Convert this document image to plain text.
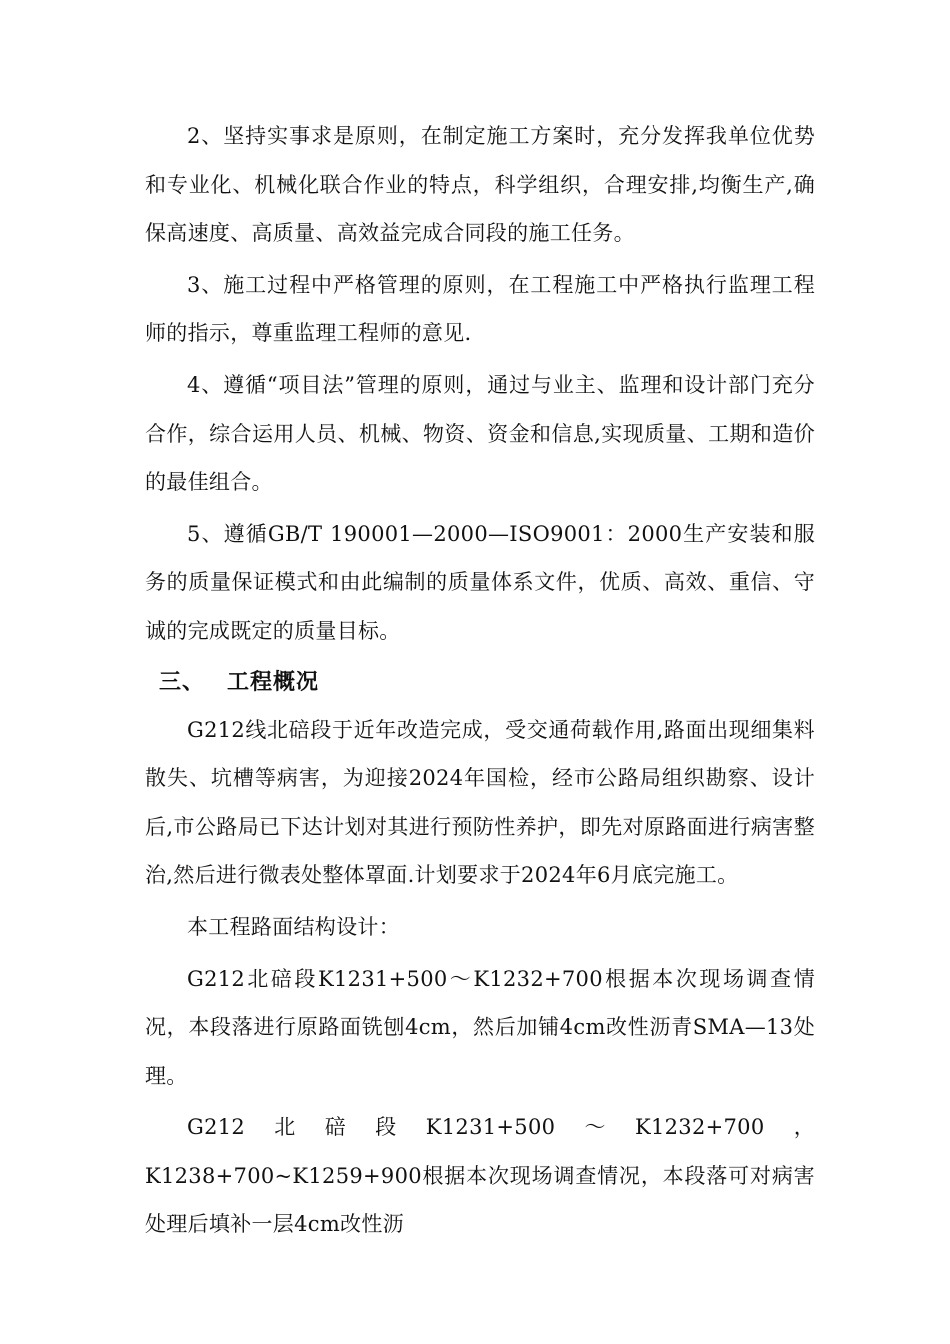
2、坚持实事求是原则，在制定施工方案时，充分发挥我单位优势和专业化、机械化联合作业的特点，科学组织，合理安排,均衡生产,确保高速度、高质量、高效益完成合同段的施工任务。

3、施工过程中严格管理的原则，在工程施工中严格执行监理工程师的指示，尊重监理工程师的意见.

4、遵循“项目法”管理的原则，通过与业主、监理和设计部门充分合作，综合运用人员、机械、物资、资金和信息,实现质量、工期和造价的最佳组合。

5、遵循GB/T 190001—2000—ISO9001：2000生产安装和服务的质量保证模式和由此编制的质量体系文件，优质、高效、重信、守诚的完成既定的质量目标。

三、 工程概况

G212线北碚段于近年改造完成，受交通荷载作用,路面出现细集料散失、坑槽等病害，为迎接2024年国检，经市公路局组织勘察、设计后,市公路局已下达计划对其进行预防性养护，即先对原路面进行病害整治,然后进行微表处整体罩面.计划要求于2024年6月底完施工。

本工程路面结构设计：

G212北碚段K1231+500～K1232+700根据本次现场调查情况，本段落进行原路面铣刨4cm，然后加铺4cm改性沥青SMA—13处理。

G212北碚段K1231+500～K1232+700，K1238+700~K1259+900根据本次现场调查情况，本段落可对病害处理后填补一层4cm改性沥
